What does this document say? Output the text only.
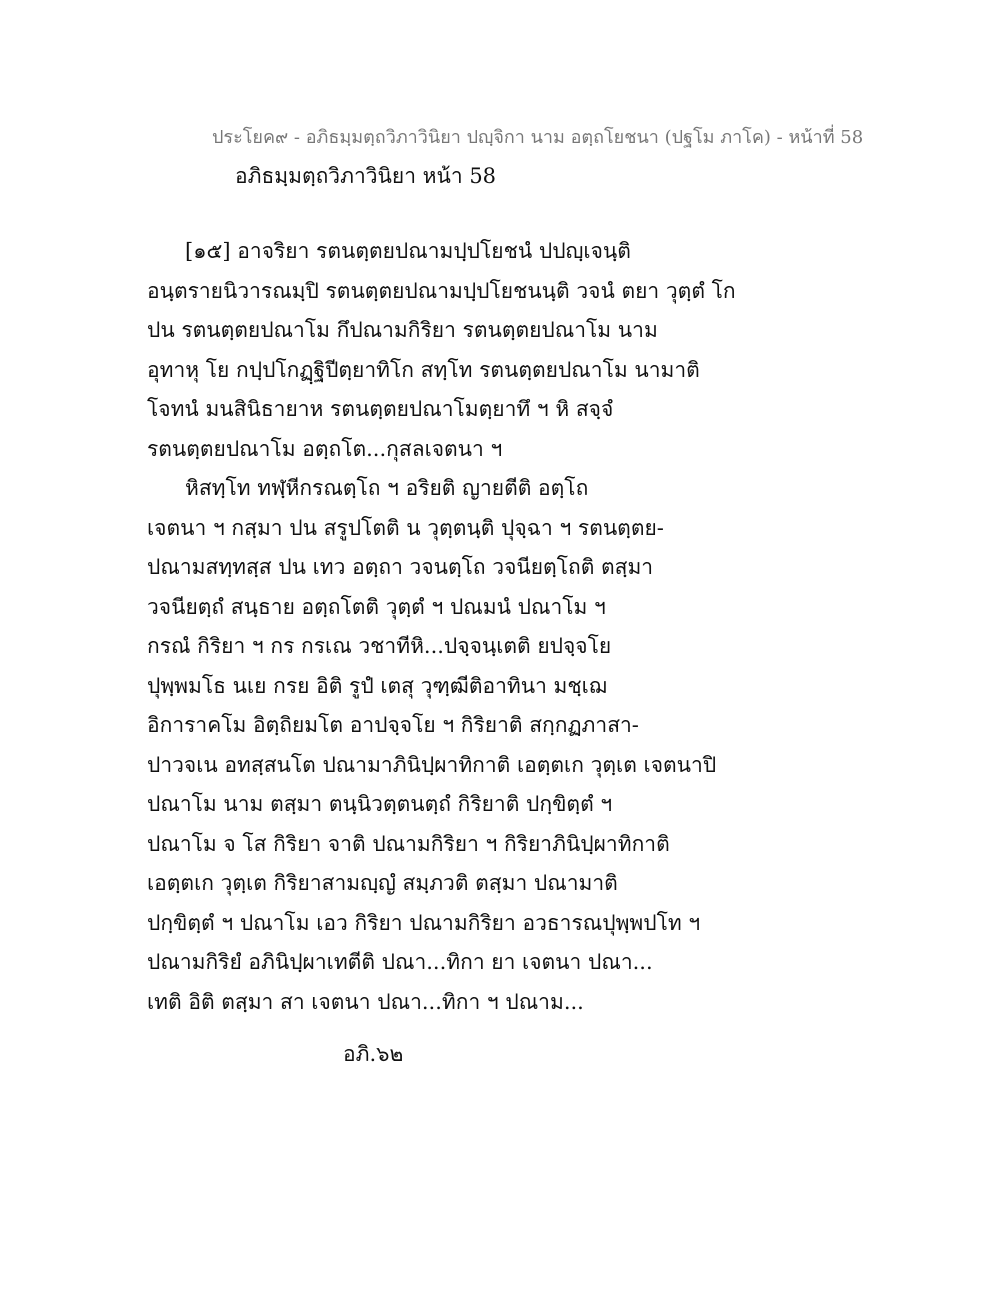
ประโยค๙ - อภิธมฺมตฺถวิภาวินิยา ปญฺจิกา นาม อตฺถโยชนา (ปฐโม ภาโค) - หน้าที่ 58
อภิธมฺมตฺถวิภาวินิยา หน้า 58
[๑๕] อาจริยา รตนตฺตยปณามปฺปโยชนํ ปปญฺเจนฺติ
อนฺตรายนิวารณมฺปิ รตนตฺตยปณามปฺปโยชนนฺติ วจนํ ตยา วุตฺตํ โก
ปน รตนตฺตยปณาโม กึปณามกิริยา รตนตฺตยปณาโม นาม
อุทาหุ โย กปฺปโกฏฺฐิปีตฺยาทิโก สทฺโท รตนตฺตยปณาโม นามาติ
โจทนํ มนสินิธายาห รตนตฺตยปณาโมตฺยาทึ ฯ หิ สจฺจํ
รตนตฺตยปณาโม อตฺถโต...กุสลเจตนา ฯ
หิสทฺโท ทฬฺหีกรณตฺโถ ฯ อริยติ ญายตีติ อตฺโถ
เจตนา ฯ กสฺมา ปน สรูปโตติ น วุตฺตนฺติ ปุจฺฉา ฯ รตนตฺตย-
ปณามสทฺทสฺส ปน เทว อตฺถา วจนตฺโถ วจนียตฺโถติ ตสฺมา
วจนียตฺถํ สนฺธาย อตฺถโตติ วุตฺตํ ฯ ปณมนํ ปณาโม ฯ
กรณํ กิริยา ฯ กร กรเณ วชาทีหิ...ปจฺจนฺเตติ ยปจฺจโย
ปุพฺพมโธ นเย กรย อิติ รูปํ เตสุ วุฑฺฒีติอาทินา มชฺเฌ
อิการาคโม อิตฺถิยมโต อาปจฺจโย ฯ กิริยาติ สกฺกฏภาสา-
ปาวจเน อทสฺสนโต ปณามาภินิปฺผาทิกาติ เอตฺตเก วุตฺเต เจตนาปิ
ปณาโม นาม ตสฺมา ตนฺนิวตฺตนตฺถํ กิริยาติ ปกฺขิตฺตํ ฯ
ปณาโม จ โส กิริยา จาติ ปณามกิริยา ฯ กิริยาภินิปฺผาทิกาติ
เอตฺตเก วุตฺเต กิริยาสามญฺญํ สมฺภวติ ตสฺมา ปณามาติ
ปกฺขิตฺตํ ฯ ปณาโม เอว กิริยา ปณามกิริยา อวธารณปุพฺพปโท ฯ
ปณามกิริยํ อภินิปฺผาเทตีติ ปณา...ทิกา ยา เจตนา ปณา...
เทติ อิติ ตสฺมา สา เจตนา ปณา...ทิกา ฯ ปณาม...
อภิ.๖๒
